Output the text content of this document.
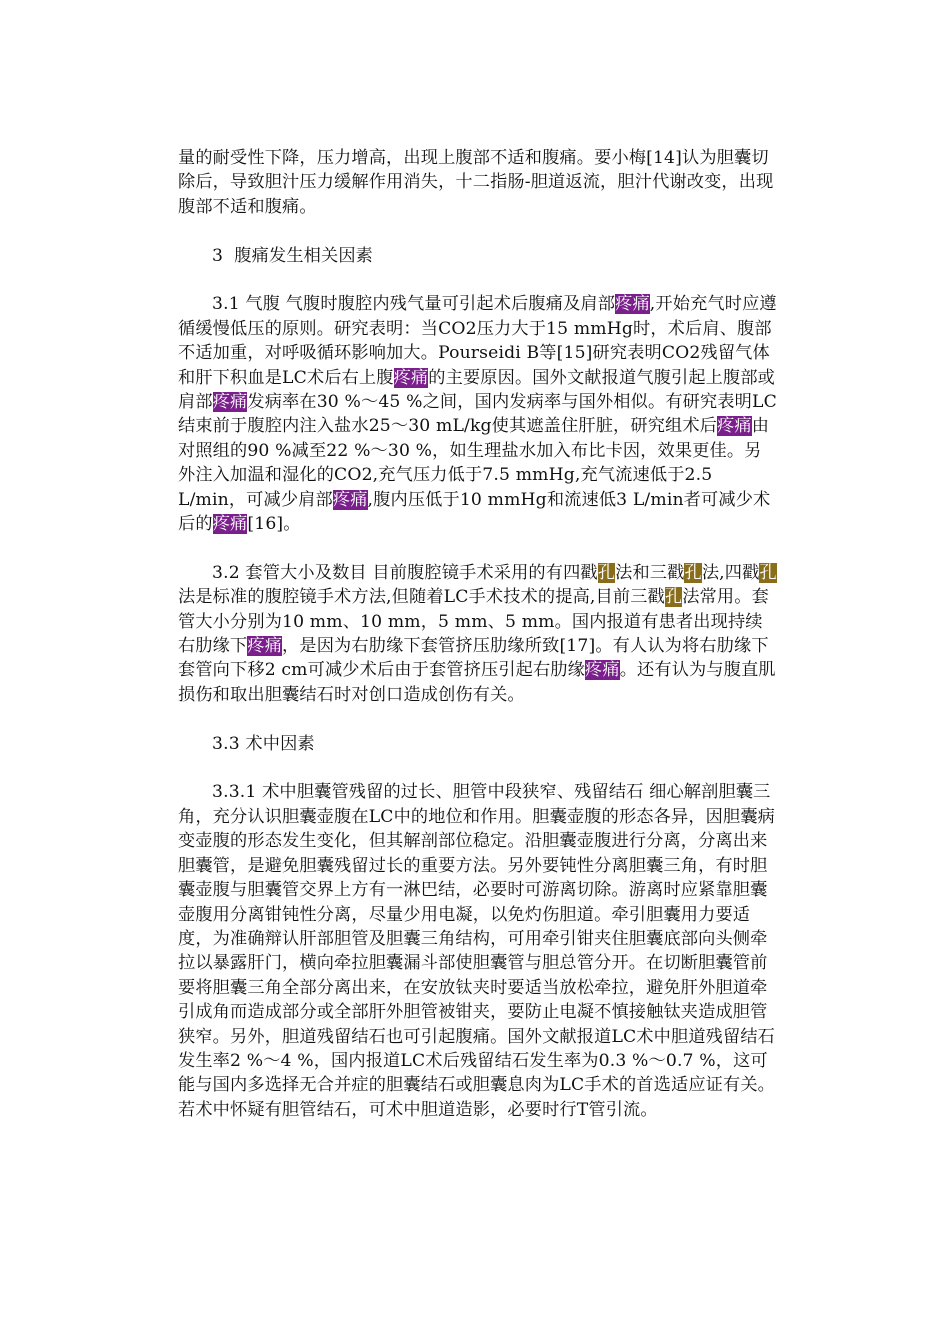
量的耐受性下降，压力增高，出现上腹部不适和腹痛。要小梅[14]认为胆囊切除后，导致胆汁压力缓解作用消失，十二指肠-胆道返流，胆汁代谢改变，出现腹部不适和腹痛。

3  腹痛发生相关因素

3.1 气腹 气腹时腹腔内残气量可引起术后腹痛及肩部疼痛,开始充气时应遵循缓慢低压的原则。研究表明：当CO2压力大于15 mmHg时，术后肩、腹部不适加重，对呼吸循环影响加大。Pourseidi B等[15]研究表明CO2残留气体和肝下积血是LC术后右上腹疼痛的主要原因。国外文献报道气腹引起上腹部或肩部疼痛发病率在30 %～45 %之间，国内发病率与国外相似。有研究表明LC结束前于腹腔内注入盐水25～30 mL/kg使其遮盖住肝脏，研究组术后疼痛由对照组的90 %减至22 %～30 %，如生理盐水加入布比卡因，效果更佳。另外注入加温和湿化的CO2,充气压力低于7.5 mmHg,充气流速低于2.5 L/min，可减少肩部疼痛,腹内压低于10 mmHg和流速低3 L/min者可减少术后的疼痛[16]。

3.2 套管大小及数目 目前腹腔镜手术采用的有四戳孔法和三戳孔法,四戳孔法是标准的腹腔镜手术方法,但随着LC手术技术的提高,目前三戳孔法常用。套管大小分别为10 mm、10 mm，5 mm、5 mm。国内报道有患者出现持续右肋缘下疼痛，是因为右肋缘下套管挤压肋缘所致[17]。有人认为将右肋缘下套管向下移2 cm可减少术后由于套管挤压引起右肋缘疼痛。还有认为与腹直肌损伤和取出胆囊结石时对创口造成创伤有关。

3.3 术中因素

3.3.1 术中胆囊管残留的过长、胆管中段狭窄、残留结石 细心解剖胆囊三角，充分认识胆囊壶腹在LC中的地位和作用。胆囊壶腹的形态各异，因胆囊病变壶腹的形态发生变化，但其解剖部位稳定。沿胆囊壶腹进行分离，分离出来胆囊管，是避免胆囊残留过长的重要方法。另外要钝性分离胆囊三角，有时胆囊壶腹与胆囊管交界上方有一淋巴结，必要时可游离切除。游离时应紧靠胆囊壶腹用分离钳钝性分离，尽量少用电凝，以免灼伤胆道。牵引胆囊用力要适度，为准确辩认肝部胆管及胆囊三角结构，可用牵引钳夹住胆囊底部向头侧牵拉以暴露肝门，横向牵拉胆囊漏斗部使胆囊管与胆总管分开。在切断胆囊管前要将胆囊三角全部分离出来，在安放钛夹时要适当放松牵拉，避免肝外胆道牵引成角而造成部分或全部肝外胆管被钳夹，要防止电凝不慎接触钛夹造成胆管狭窄。另外，胆道残留结石也可引起腹痛。国外文献报道LC术中胆道残留结石发生率2 %～4 %，国内报道LC术后残留结石发生率为0.3 %～0.7 %，这可能与国内多选择无合并症的胆囊结石或胆囊息肉为LC手术的首选适应证有关。若术中怀疑有胆管结石，可术中胆道造影，必要时行T管引流。
